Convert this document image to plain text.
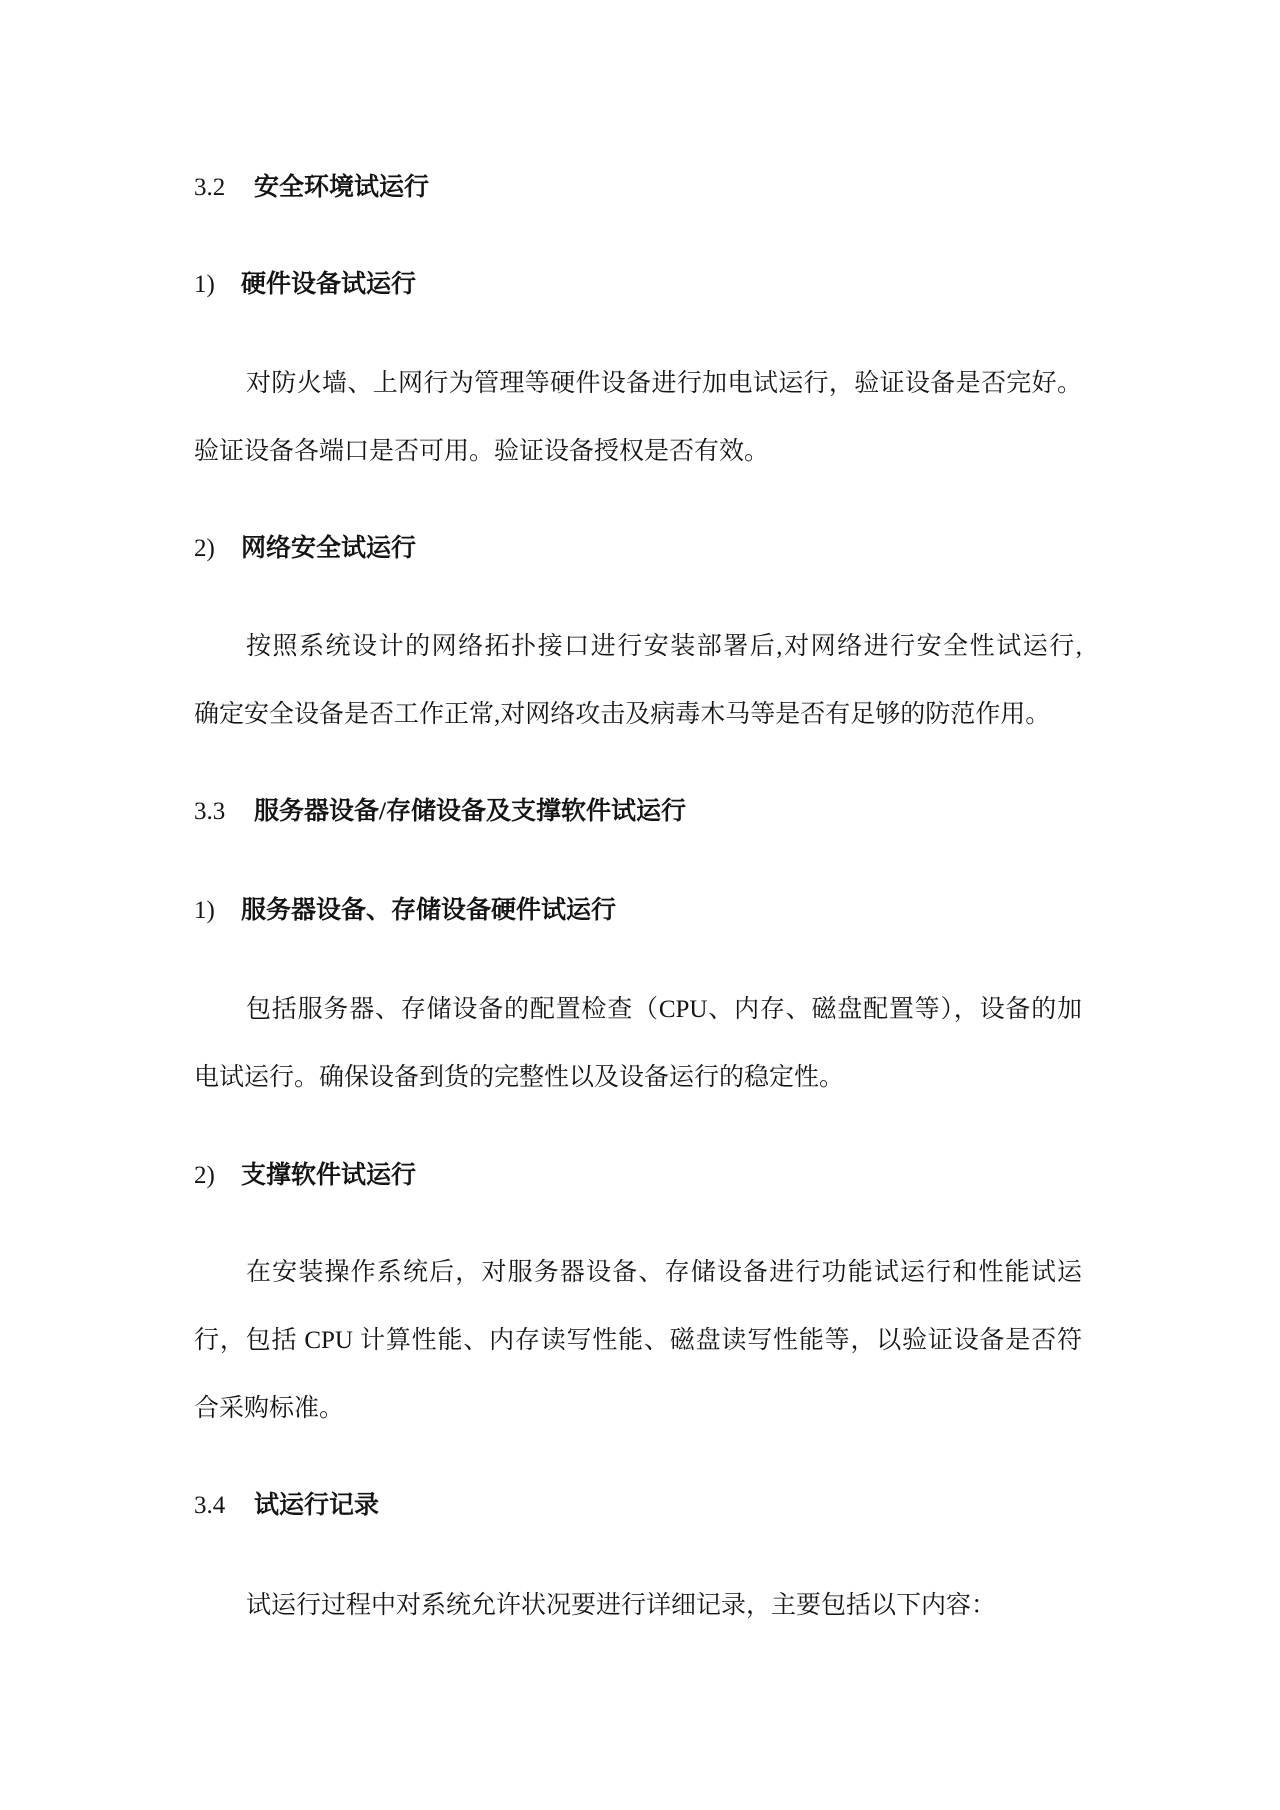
3.2 安全环境试运行
1) 硬件设备试运行
对防火墙、上网行为管理等硬件设备进行加电试运行，验证设备是否完好。
验证设备各端口是否可用。验证设备授权是否有效。
2) 网络安全试运行
按照系统设计的网络拓扑接口进行安装部署后,对网络进行安全性试运行,
确定安全设备是否工作正常,对网络攻击及病毒木马等是否有足够的防范作用。
3.3 服务器设备/存储设备及支撑软件试运行
1) 服务器设备、存储设备硬件试运行
包括服务器、存储设备的配置检查（CPU、内存、磁盘配置等），设备的加
电试运行。确保设备到货的完整性以及设备运行的稳定性。
2) 支撑软件试运行
在安装操作系统后，对服务器设备、存储设备进行功能试运行和性能试运
行，包括 CPU 计算性能、内存读写性能、磁盘读写性能等，以验证设备是否符
合采购标准。
3.4 试运行记录
试运行过程中对系统允许状况要进行详细记录，主要包括以下内容：
